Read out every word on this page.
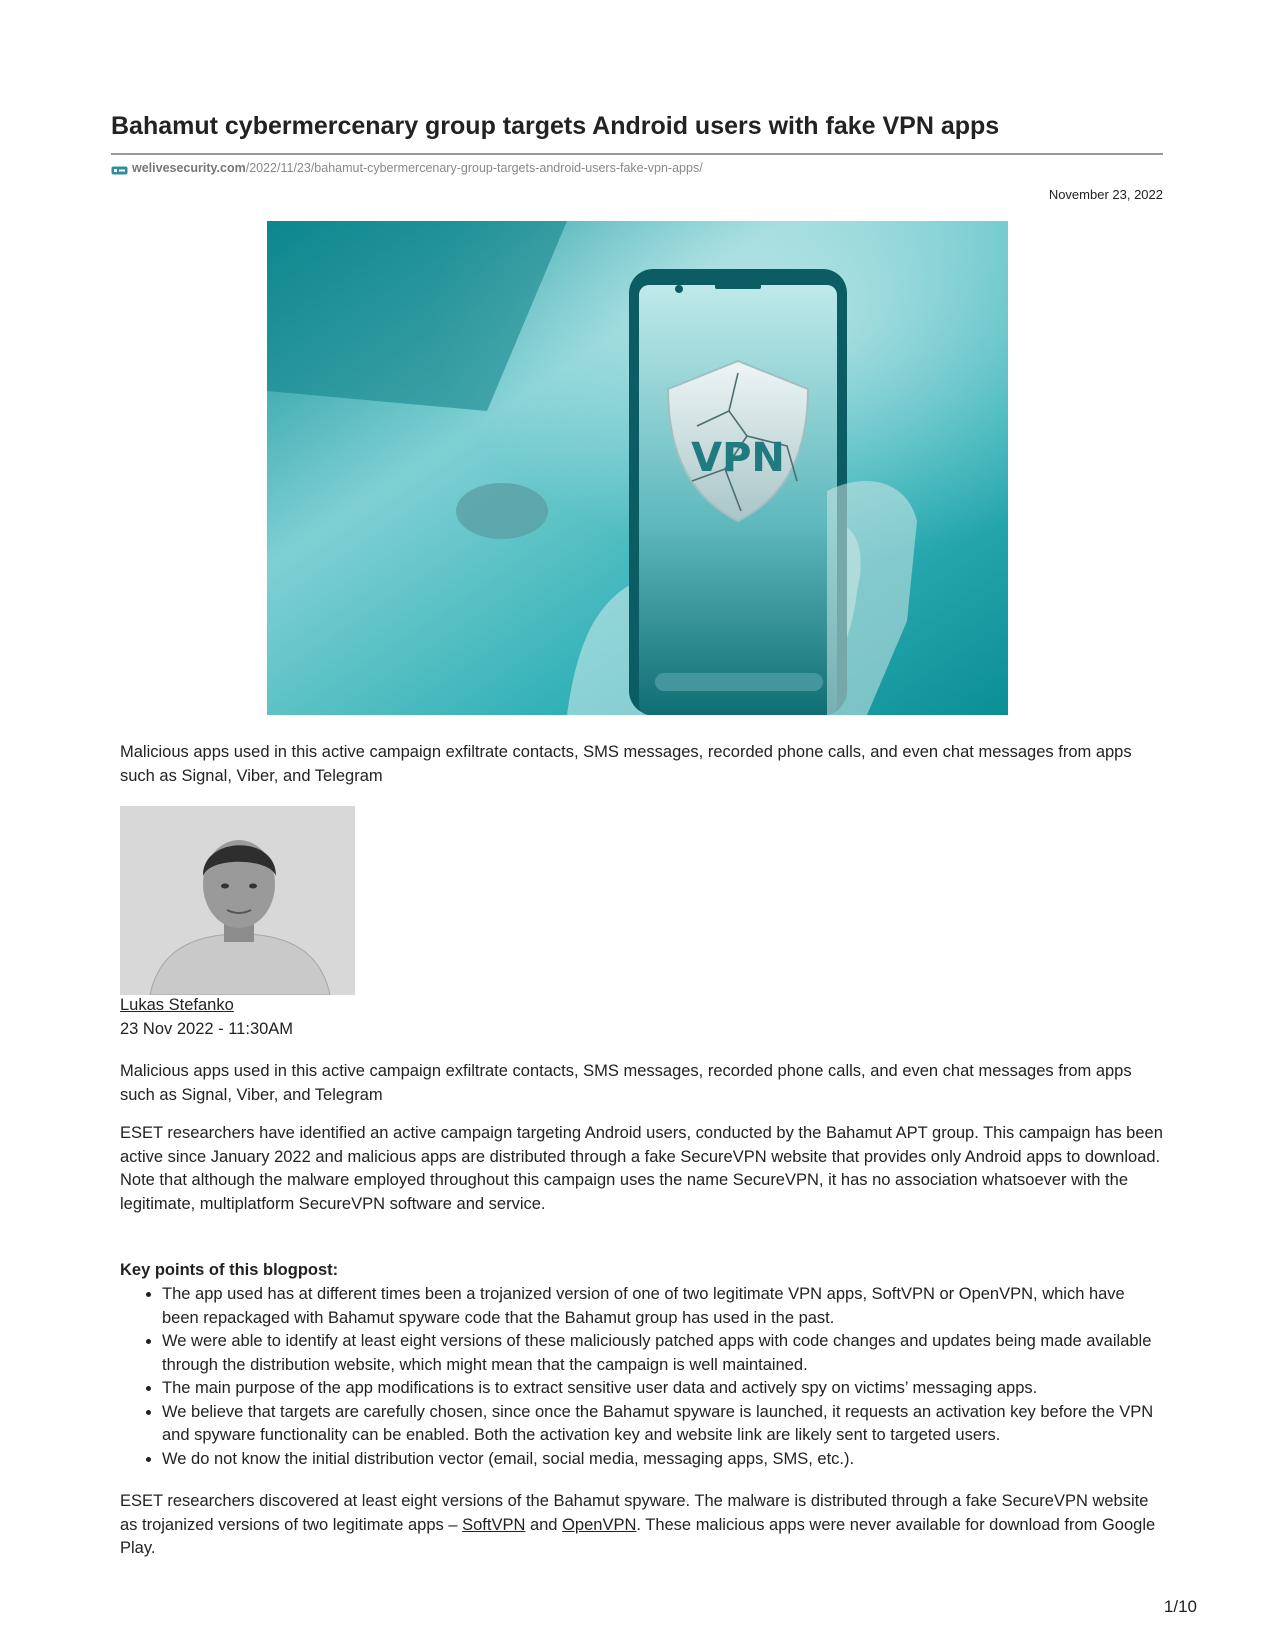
Bahamut cybermercenary group targets Android users with fake VPN apps
welivesecurity.com /2022/11/23/bahamut-cybermercenary-group-targets-android-users-fake-vpn-apps/
November 23, 2022
VPN

Malicious apps used in this active campaign exfiltrate contacts, SMS messages, recorded phone calls, and even chat messages from apps such as Signal, Viber, and Telegram

Lukas Stefanko
23 Nov 2022 - 11:30AM

Malicious apps used in this active campaign exfiltrate contacts, SMS messages, recorded phone calls, and even chat messages from apps such as Signal, Viber, and Telegram

ESET researchers have identified an active campaign targeting Android users, conducted by the Bahamut APT group. This campaign has been active since January 2022 and malicious apps are distributed through a fake SecureVPN website that provides only Android apps to download. Note that although the malware employed throughout this campaign uses the name SecureVPN, it has no association whatsoever with the legitimate, multiplatform SecureVPN software and service.

Key points of this blogpost:
• The app used has at different times been a trojanized version of one of two legitimate VPN apps, SoftVPN or OpenVPN, which have been repackaged with Bahamut spyware code that the Bahamut group has used in the past.
• We were able to identify at least eight versions of these maliciously patched apps with code changes and updates being made available through the distribution website, which might mean that the campaign is well maintained.
• The main purpose of the app modifications is to extract sensitive user data and actively spy on victims’ messaging apps.
• We believe that targets are carefully chosen, since once the Bahamut spyware is launched, it requests an activation key before the VPN and spyware functionality can be enabled. Both the activation key and website link are likely sent to targeted users.
• We do not know the initial distribution vector (email, social media, messaging apps, SMS, etc.).

ESET researchers discovered at least eight versions of the Bahamut spyware. The malware is distributed through a fake SecureVPN website as trojanized versions of two legitimate apps – SoftVPN and OpenVPN. These malicious apps were never available for download from Google Play.

1/10
